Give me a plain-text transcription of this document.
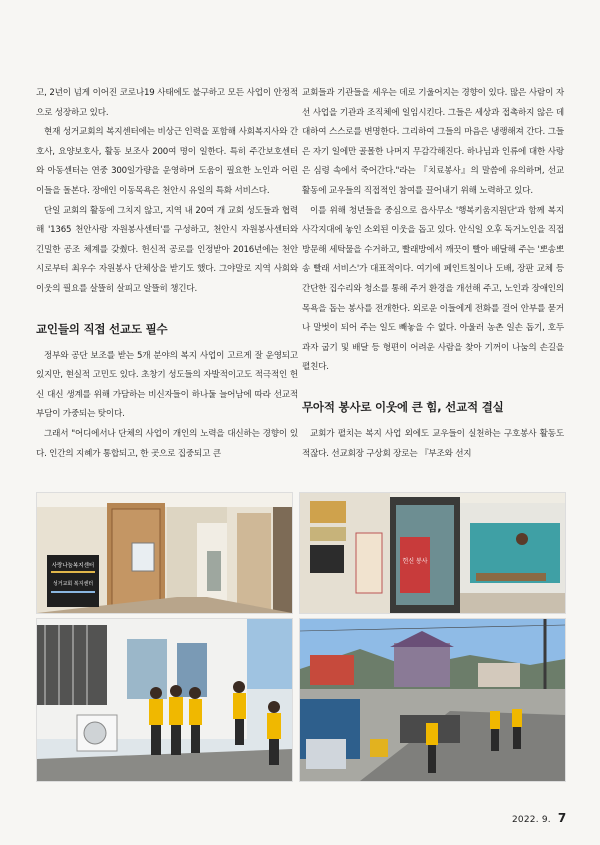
고, 2년이 넘게 이어진 코로나19 사태에도 불구하고 모든 사업이 안정적으로 성장하고 있다.

현재 성거교회의 복지센터에는 비상근 인력을 포함해 사회복지사와 간호사, 요양보호사, 활동 보조사 200여 명이 일한다. 특히 주간보호센터와 아동센터는 연중 300일가량을 운영하며 도움이 필요한 노인과 어린이들을 돌본다. 장애인 이동목욕은 천안시 유일의 특화 서비스다.

단일 교회의 활동에 그치지 않고, 지역 내 20여 개 교회 성도들과 협력해 '1365 천안사랑 자원봉사센터'를 구성하고, 천안시 자원봉사센터와 긴밀한 공조 체계를 갖췄다. 헌신적 공로를 인정받아 2016년에는 천안시로부터 최우수 자원봉사 단체상을 받기도 했다. 그야말로 지역 사회와 이웃의 필요를 살뜰히 살피고 알뜰히 챙긴다.

교인들의 직접 선교도 필수

정부와 공단 보조를 받는 5개 분야의 복지 사업이 고르게 잘 운영되고 있지만, 현실적 고민도 있다. 초창기 성도들의 자발적이고도 적극적인 헌신 대신 생계를 위해 가담하는 비신자들이 하나둘 늘어남에 따라 선교적 부담이 가중되는 탓이다.

그래서 "어디에서나 단체의 사업이 개인의 노력을 대신하는 경향이 있다. 인간의 지혜가 통합되고, 한 곳으로 집중되고 큰

교회들과 기관들을 세우는 데로 기울어지는 경향이 있다. 많은 사람이 자선 사업을 기관과 조직체에 일임시킨다. 그들은 세상과 접촉하지 않은 데 대하여 스스로를 변명한다. 그리하여 그들의 마음은 냉랭해져 간다. 그들은 자기 일에만 골몰한 나머지 무감각해진다. 하나님과 인류에 대한 사랑은 심령 속에서 죽어간다."라는 『치료봉사』의 말씀에 유의하며, 선교 활동에 교우들의 직접적인 참여를 끌어내기 위해 노력하고 있다.

이를 위해 청년들을 중심으로 읍사무소 '행복키움지원단'과 함께 복지 사각지대에 놓인 소외된 이웃을 돕고 있다. 안식일 오후 독거노인을 직접 방문해 세탁물을 수거하고, 빨래방에서 깨끗이 빨아 배달해 주는 '뽀송뽀송 빨래 서비스'가 대표적이다. 여기에 페인트칠이나 도배, 장판 교체 등 간단한 집수리와 청소를 통해 주거 환경을 개선해 주고, 노인과 장애인의 목욕을 돕는 봉사를 전개한다. 외로운 이들에게 전화를 걸어 안부를 묻거나 말벗이 되어 주는 일도 빼놓을 수 없다. 아울러 농촌 일손 돕기, 호두과자 굽기 및 배달 등 형편이 어려운 사람을 찾아 기꺼이 나눔의 손길을 펼친다.

무아적 봉사로 이웃에 큰 힘, 선교적 결실

교회가 펼치는 복지 사업 외에도 교우들이 실천하는 구호봉사 활동도 적잖다. 선교회장 구상회 장로는 『부조와 선지

사랑나눔복지센터
성거교회 복지센터
헌신 봉사
2022. 9. 7
